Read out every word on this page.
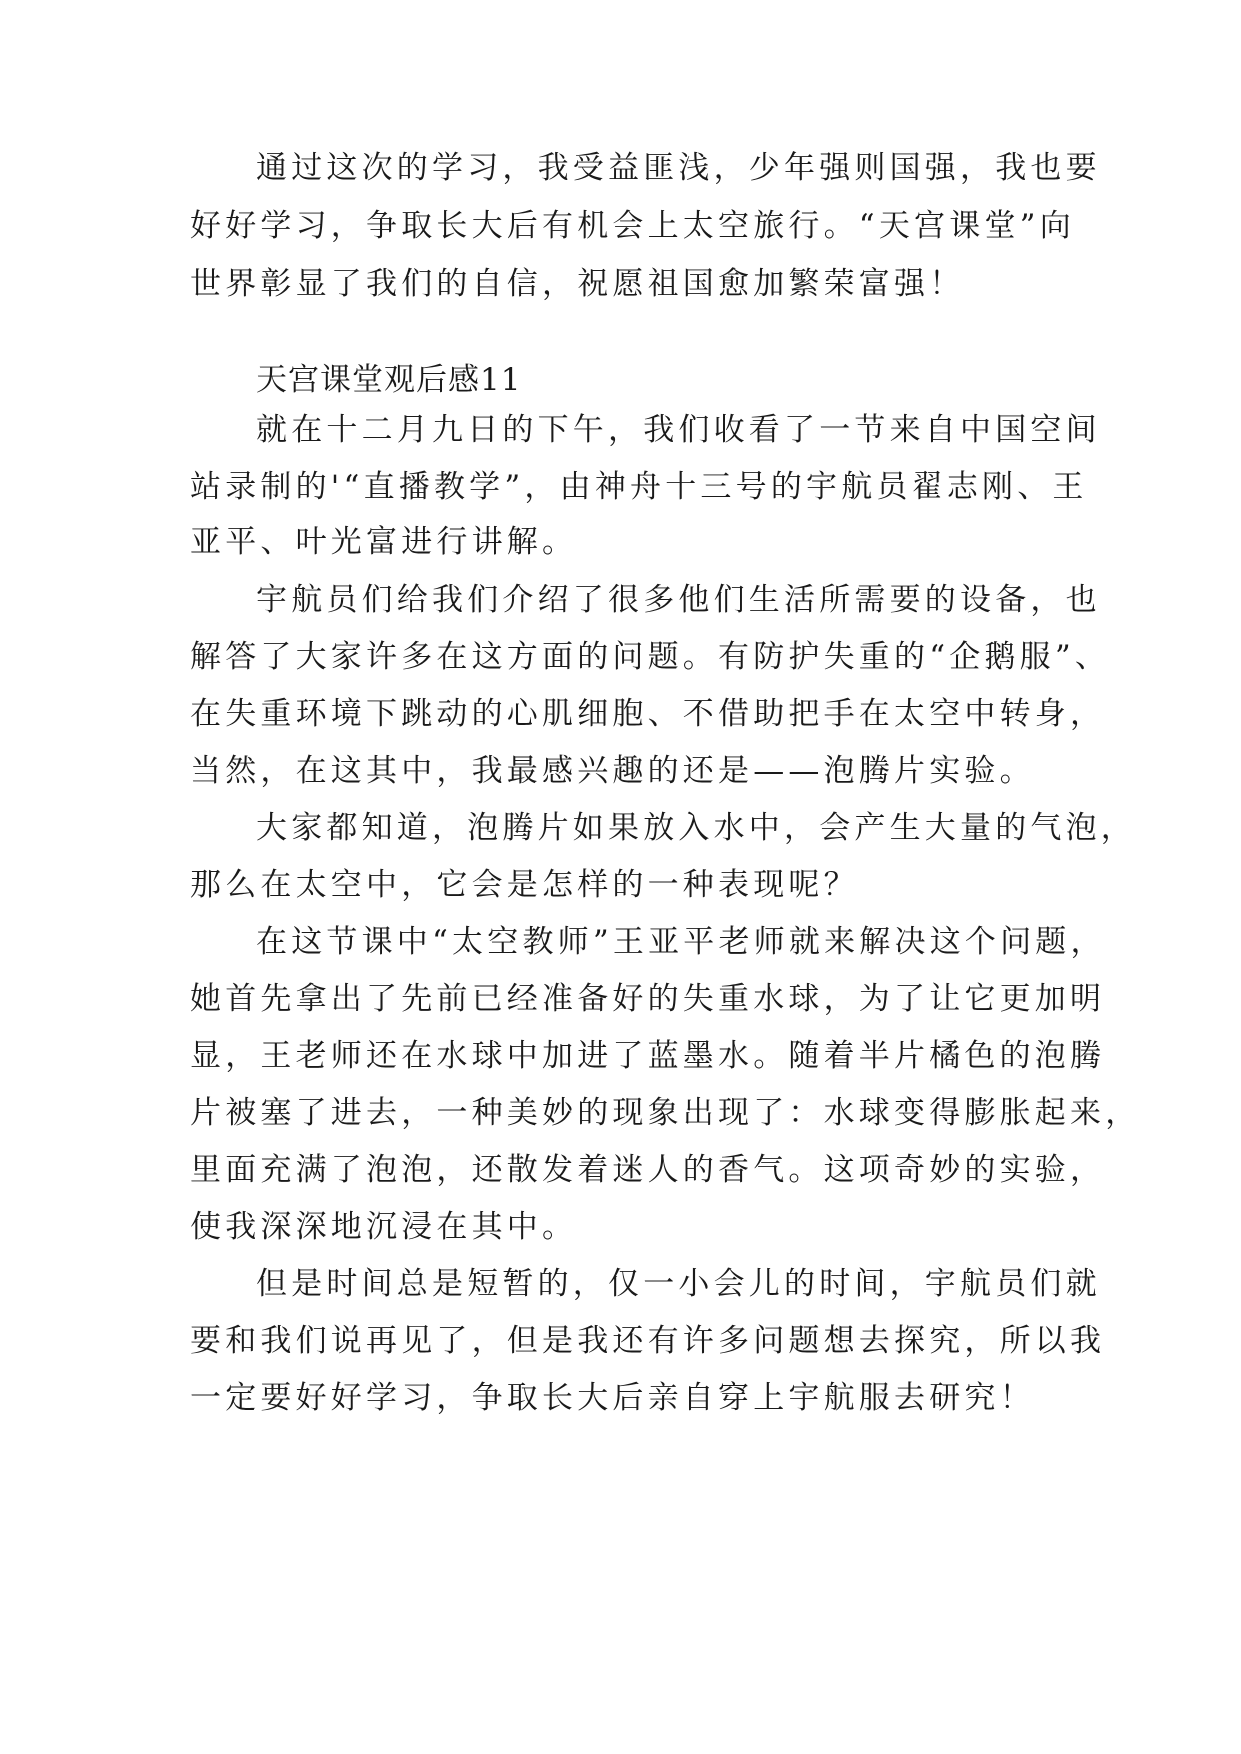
通过这次的学习，我受益匪浅，少年强则国强，我也要
好好学习，争取长大后有机会上太空旅行。“天宫课堂”向
世界彰显了我们的自信，祝愿祖国愈加繁荣富强！
天宫课堂观后感11
就在十二月九日的下午，我们收看了一节来自中国空间
站录制的'“直播教学”，由神舟十三号的宇航员翟志刚、王
亚平、叶光富进行讲解。
宇航员们给我们介绍了很多他们生活所需要的设备，也
解答了大家许多在这方面的问题。有防护失重的“企鹅服”、
在失重环境下跳动的心肌细胞、不借助把手在太空中转身，
当然，在这其中，我最感兴趣的还是——泡腾片实验。
大家都知道，泡腾片如果放入水中，会产生大量的气泡，
那么在太空中，它会是怎样的一种表现呢？
在这节课中“太空教师”王亚平老师就来解决这个问题，
她首先拿出了先前已经准备好的失重水球，为了让它更加明
显，王老师还在水球中加进了蓝墨水。随着半片橘色的泡腾
片被塞了进去，一种美妙的现象出现了：水球变得膨胀起来，
里面充满了泡泡，还散发着迷人的香气。这项奇妙的实验，
使我深深地沉浸在其中。
但是时间总是短暂的，仅一小会儿的时间，宇航员们就
要和我们说再见了，但是我还有许多问题想去探究，所以我
一定要好好学习，争取长大后亲自穿上宇航服去研究！
